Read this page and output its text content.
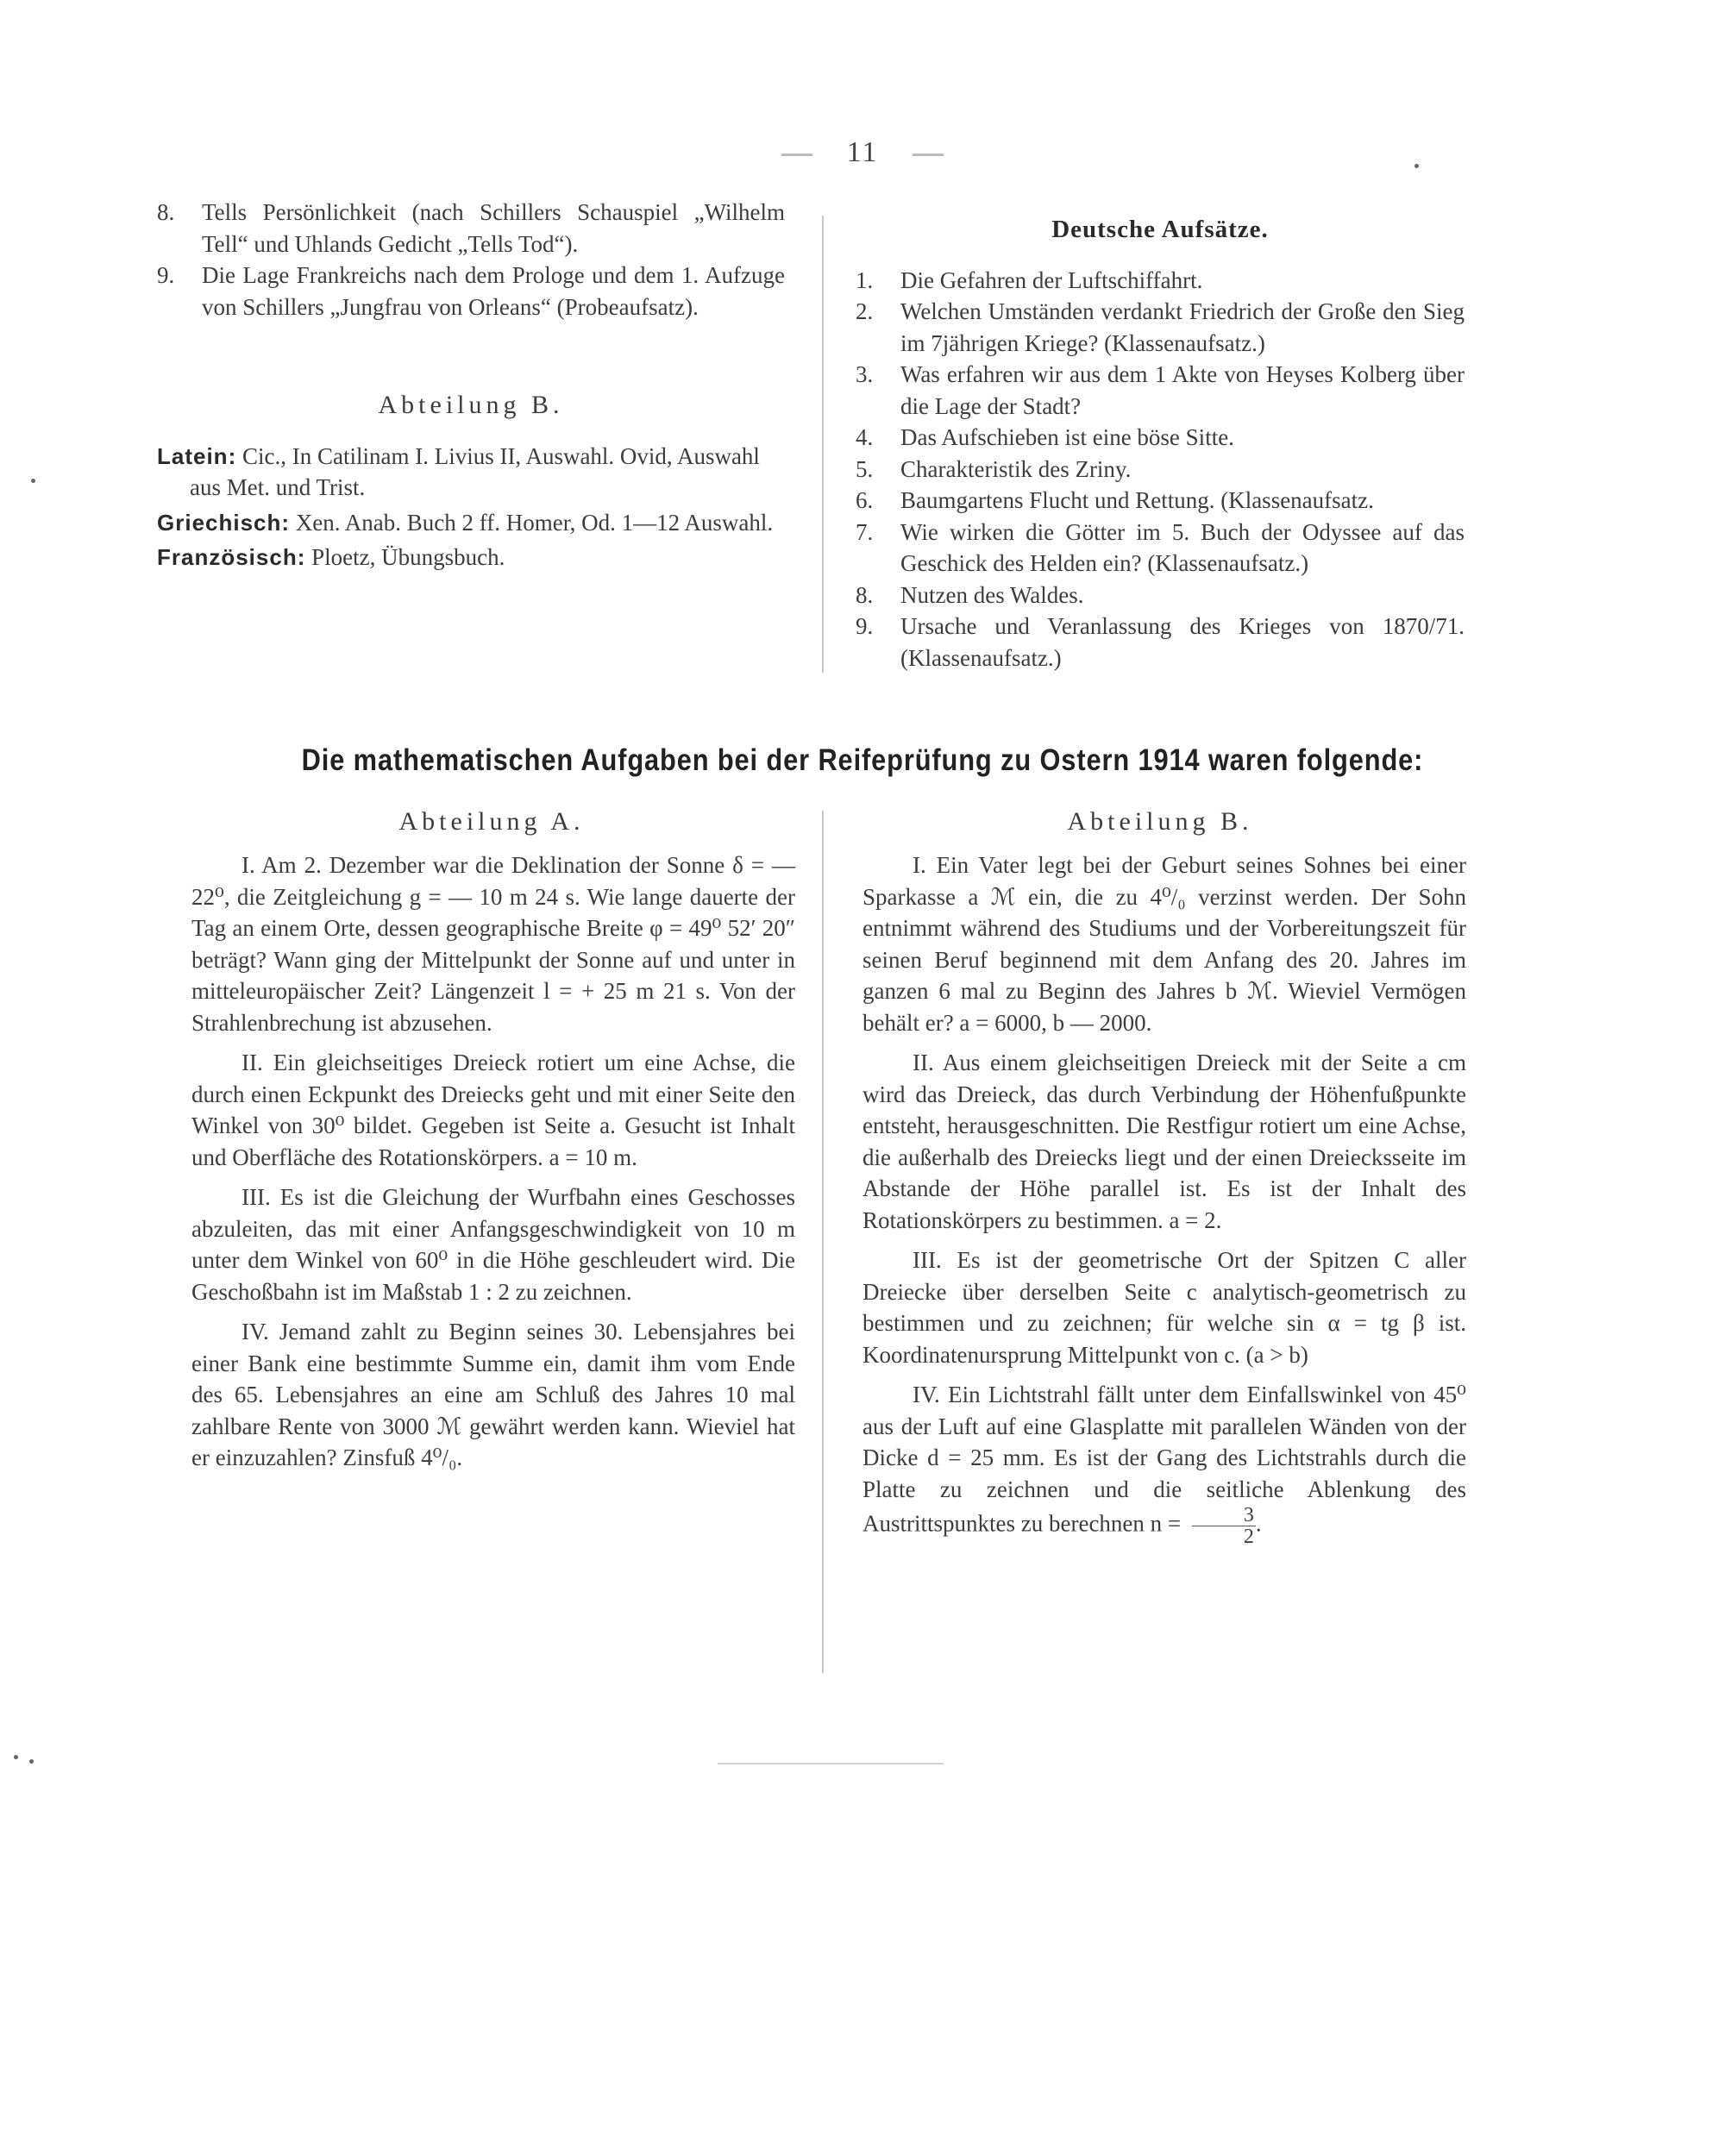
11
8. Tells Persönlichkeit (nach Schillers Schauspiel „Wilhelm Tell“ und Uhlands Gedicht „Tells Tod“).
9. Die Lage Frankreichs nach dem Prologe und dem 1. Aufzuge von Schillers „Jungfrau von Orleans“ (Probeaufsatz).
Abteilung B.
Latein: Cic., In Catilinam I. Livius II, Auswahl. Ovid, Auswahl aus Met. und Trist.
Griechisch: Xen. Anab. Buch 2 ff. Homer, Od. 1—12 Auswahl.
Französisch: Ploetz, Übungsbuch.
Deutsche Aufsätze.
1. Die Gefahren der Luftschiffahrt.
2. Welchen Umständen verdankt Friedrich der Große den Sieg im 7jährigen Kriege? (Klassenaufsatz.)
3. Was erfahren wir aus dem 1 Akte von Heyses Kolberg über die Lage der Stadt?
4. Das Aufschieben ist eine böse Sitte.
5. Charakteristik des Zriny.
6. Baumgartens Flucht und Rettung. (Klassenaufsatz.
7. Wie wirken die Götter im 5. Buch der Odyssee auf das Geschick des Helden ein? (Klassenaufsatz.)
8. Nutzen des Waldes.
9. Ursache und Veranlassung des Krieges von 1870/71. (Klassenaufsatz.)
Die mathematischen Aufgaben bei der Reifeprüfung zu Ostern 1914 waren folgende:
Abteilung A.	Abteilung B.
I. Am 2. Dezember war die Deklination der Sonne δ = — 22⁰, die Zeitgleichung g = — 10 m 24 s. Wie lange dauerte der Tag an einem Orte, dessen geographische Breite φ = 49⁰ 52′ 20″ beträgt? Wann ging der Mittelpunkt der Sonne auf und unter in mitteleuropäischer Zeit? Längenzeit l = + 25 m 21 s. Von der Strahlenbrechung ist abzusehen.
II. Ein gleichseitiges Dreieck rotiert um eine Achse, die durch einen Eckpunkt des Dreiecks geht und mit einer Seite den Winkel von 30⁰ bildet. Gegeben ist Seite a. Gesucht ist Inhalt und Oberfläche des Rotationskörpers. a = 10 m.
III. Es ist die Gleichung der Wurfbahn eines Geschosses abzuleiten, das mit einer Anfangsgeschwindigkeit von 10 m unter dem Winkel von 60⁰ in die Höhe geschleudert wird. Die Geschoßbahn ist im Maßstab 1 : 2 zu zeichnen.
IV. Jemand zahlt zu Beginn seines 30. Lebensjahres bei einer Bank eine bestimmte Summe ein, damit ihm vom Ende des 65. Lebensjahres an eine am Schluß des Jahres 10 mal zahlbare Rente von 3000 ℳ gewährt werden kann. Wieviel hat er einzuzahlen? Zinsfuß 4⁰/₀.
I. Ein Vater legt bei der Geburt seines Sohnes bei einer Sparkasse a ℳ ein, die zu 4⁰/₀ verzinst werden. Der Sohn entnimmt während des Studiums und der Vorbereitungszeit für seinen Beruf beginnend mit dem Anfang des 20. Jahres im ganzen 6 mal zu Beginn des Jahres b ℳ. Wieviel Vermögen behält er? a = 6000, b — 2000.
II. Aus einem gleichseitigen Dreieck mit der Seite a cm wird das Dreieck, das durch Verbindung der Höhenfußpunkte entsteht, herausgeschnitten. Die Restfigur rotiert um eine Achse, die außerhalb des Dreiecks liegt und der einen Dreiecksseite im Abstande der Höhe parallel ist. Es ist der Inhalt des Rotationskörpers zu bestimmen. a = 2.
III. Es ist der geometrische Ort der Spitzen C aller Dreiecke über derselben Seite c analytisch-geometrisch zu bestimmen und zu zeichnen; für welche sin α = tg β ist. Koordinatenursprung Mittelpunkt von c. (a > b)
IV. Ein Lichtstrahl fällt unter dem Einfallswinkel von 45⁰ aus der Luft auf eine Glasplatte mit parallelen Wänden von der Dicke d = 25 mm. Es ist der Gang des Lichtstrahls durch die Platte zu zeichnen und die seitliche Ablenkung des Austrittspunktes zu berechnen $n = \frac{3}{2}$ .
